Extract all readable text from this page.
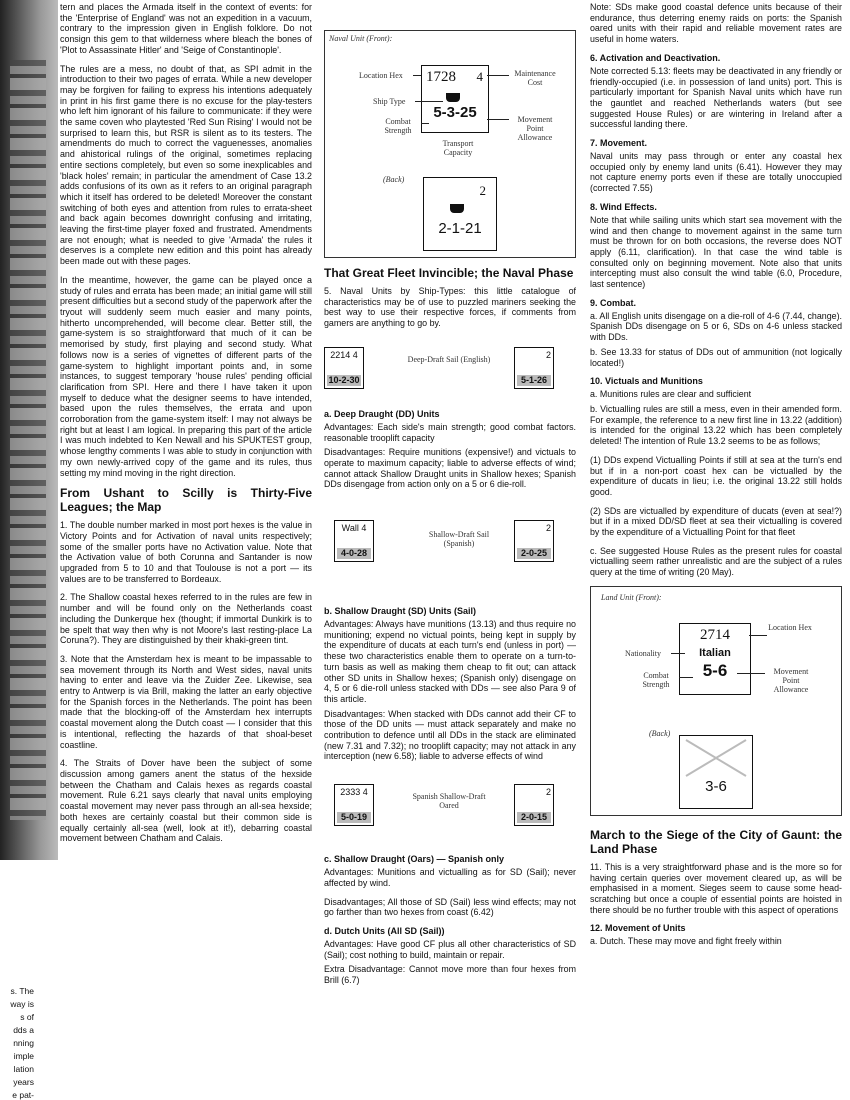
s. The
way is
s of
dds a
nning
imple
lation
years
e pat-

tern and places the Armada itself in the context of events: for the 'Enterprise of England' was not an expedition in a vacuum, contrary to the impression given in English folklore. Do not consign this gem to that wilderness where bleach the bones of 'Plot to Assassinate Hitler' and 'Seige of Constantinople'.

The rules are a mess, no doubt of that, as SPI admit in the introduction to their two pages of errata. While a new developer may be forgiven for failing to express his intentions adequately in print in his first game there is no excuse for the play-testers who left him ignorant of his failure to communicate: if they were the same coven who playtested 'Red Sun Rising' I would not be surprised to learn this, but RSR is silent as to its testers. The amendments do much to correct the vaguenesses, anomalies and ahistorical rulings of the original, sometimes replacing entire sections completely, but even so some inexplicables and 'black holes' remain; in particular the amendment of Case 13.2 adds confusions of its own as it refers to an original paragraph which it itself has ordered to be deleted! Moreover the constant switching of both eyes and attention from rules to errata-sheet and back again becomes downright confusing and irritating, leaving the first-time player foxed and frustrated. Amendments are not enough; what is needed to give 'Armada' the rules it deserves is a complete new edition and this point has already been made out with these pages.

In the meantime, however, the game can be played once a study of rules and errata has been made; an initial game will still present difficulties but a second study of the paperwork after the tryout will suddenly seem much easier and many points, hitherto uncomprehended, will become clear. Better still, the game-system is so straightforward that much of it can be memorised by study, first playing and second study. What follows now is a series of vignettes of different parts of the game-system to highlight important points and, in some instances, to suggest temporary 'house rules' pending official clarification from SPI. Here and there I have taken it upon myself to deduce what the designer seems to have intended, based upon the rules themselves, the errata and upon corroboration from the game-system itself: I may not always be right but at least I am logical. In preparing this part of the article I was much indebted to Ken Newall and his SPUKTEST group, whose lengthy comments I was able to study in conjunction with my own newly-arrived copy of the game and its rules, thus setting my mind moving in the right direction.

From Ushant to Scilly is Thirty-Five Leagues; the Map

1. The double number marked in most port hexes is the value in Victory Points and for Activation of naval units respectively; some of the smaller ports have no Activation value. Note that the Activation value of both Corunna and Santander is now upgraded from 5 to 10 and that Toulouse is not a port — its values are to be transferred to Bordeaux.

2. The Shallow coastal hexes referred to in the rules are few in number and will be found only on the Netherlands coast including the Dunkerque hex (thought; if immortal Dunkirk is to be spelt that way then why is not Moore's last resting-place La Coruna?). They are distinguished by their khaki-green tint.

3. Note that the Amsterdam hex is meant to be impassable to sea movement through its North and West sides, naval units having to enter and leave via the Zuider Zee. Likewise, sea entry to Antwerp is via Brill, making the latter an early objective for the Spanish forces in the Netherlands. The point has been made that the blocking-off of the Amsterdam hex interrupts coastal movement along the Dutch coast — I consider that this is intentional, reflecting the hazards of that shoal-beset coastline.

4. The Straits of Dover have been the subject of some discussion among gamers anent the status of the hexside between the Chatham and Calais hexes as regards coastal movement. Rule 6.21 says clearly that naval units employing coastal movement may never pass through an all-sea hexside; both hexes are certainly coastal but their common side is equally certainly all-sea (well, look at it!), debarring coastal movement between Chatham and Calais.

Naval Unit (Front):
1728 4
5-3-25
Location Hex
Ship Type
Combat Strength
Transport Capacity
Maintenance Cost
Movement Point Allowance
(Back)
2
2-1-21
That Great Fleet Invincible; the Naval Phase

5. Naval Units by Ship-Types: this little catalogue of characteristics may be of use to puzzled mariners seeking the best way to use their respective forces, if comments from gamers are anything to go by.

2214 4
10-2-30
Deep-Draft Sail (English)	2
5-1-26
a. Deep Draught (DD) Units

Advantages: Each side's main strength; good combat factors. reasonable trooplift capacity

Disadvantages: Require munitions (expensive!) and victuals to operate to maximum capacity; liable to adverse effects of wind; cannot attack Shallow Draught units in Shallow hexes; Spanish DDs disengage from action only on a 5 or 6 die-roll.

Wall 4
4-0-28
Shallow-Draft Sail (Spanish)
2
2-0-25
b. Shallow Draught (SD) Units (Sail)

Advantages: Always have munitions (13.13) and thus require no munitioning; expend no victual points, being kept in supply by the expenditure of ducats at each turn's end (unless in port) — these two characteristics enable them to operate on a turn-to-turn basis as well as making them cheap to fit out; can attack other SD units in Shallow hexes; (Spanish only) disengage on 4, 5 or 6 die-roll unless stacked with DDs — see also Para 9 of this article.

Disadvantages: When stacked with DDs cannot add their CF to those of the DD units — must attack separately and make no contribution to defence until all DDs in the stack are eliminated (new 7.31 and 7.32); no trooplift capacity; may not attack in any interception (new 6.58); liable to adverse effects of wind

2333 4
5-0-19
Spanish Shallow-Draft Oared
2
2-0-15
c. Shallow Draught (Oars) — Spanish only

Advantages: Munitions and victualling as for SD (Sail); never affected by wind.

Disadvantages; All those of SD (Sail) less wind effects; may not go farther than two hexes from coast (6.42)

d. Dutch Units (All SD (Sail))

Advantages: Have good CF plus all other characteristics of SD (Sail); cost nothing to build, maintain or repair.

Extra Disadvantage: Cannot move more than four hexes from Brill (6.7)

Note: SDs make good coastal defence units because of their endurance, thus deterring enemy raids on ports: the Spanish oared units with their rapid and reliable movement rates are useful in home waters.

6. Activation and Deactivation.

Note corrected 5.13: fleets may be deactivated in any friendly or friendly-occupied (i.e. in possession of land units) port. This is particularly important for Spanish Naval units which have run the gauntlet and reached Netherlands waters (but see suggested House Rules) or are wintering in Ireland after a successful landing there.

7. Movement.

Naval units may pass through or enter any coastal hex occupied only by enemy land units (6.41). However they may not capture enemy ports even if these are totally unoccupied (corrected 7.55)

8. Wind Effects.

Note that while sailing units which start sea movement with the wind and then change to movement against in the same turn must be thrown for on both occasions, the reverse does NOT apply (6.11, clarification). In that case the wind table is consulted only on beginning movement. Note also that units intercepting must also consult the wind table (6.0, Procedure, last sentence)

9. Combat.

a. All English units disengage on a die-roll of 4-6 (7.44, change). Spanish DDs disengage on 5 or 6, SDs on 4-6 unless stacked with DDs.

b. See 13.33 for status of DDs out of ammunition (not logically located!)

10. Victuals and Munitions

a. Munitions rules are clear and sufficient

b. Victualling rules are still a mess, even in their amended form. For example, the reference to a new first line in 13.22 (addition) is intended for the original 13.22 which has been completely deleted! The intention of Rule 13.2 seems to be as follows;

(1) DDs expend Victualling Points if still at sea at the turn's end but if in a non-port coast hex can be victualled by the expenditure of ducats in lieu; i.e. the original 13.22 still holds good.

(2) SDs are victualled by expenditure of ducats (even at sea!?) but if in a mixed DD/SD fleet at sea their victualling is covered by the expenditure of a Victualling Point for that fleet

c. See suggested House Rules as the present rules for coastal victualling seem rather unrealistic and are the subject of a rules query at the time of writing (20 May).

Land Unit (Front):
2714
Italian
5-6
Nationality
Combat Strength
Location Hex
Movement Point Allowance
(Back)
3-6
March to the Siege of the City of Gaunt: the Land Phase

11. This is a very straightforward phase and is the more so for having certain queries over movement cleared up, as will be emphasised in a moment. Sieges seem to cause some head-scratching but once a couple of essential points are hoisted in there should be no further trouble with this aspect of operations

12. Movement of Units

a. Dutch. These may move and fight freely within
